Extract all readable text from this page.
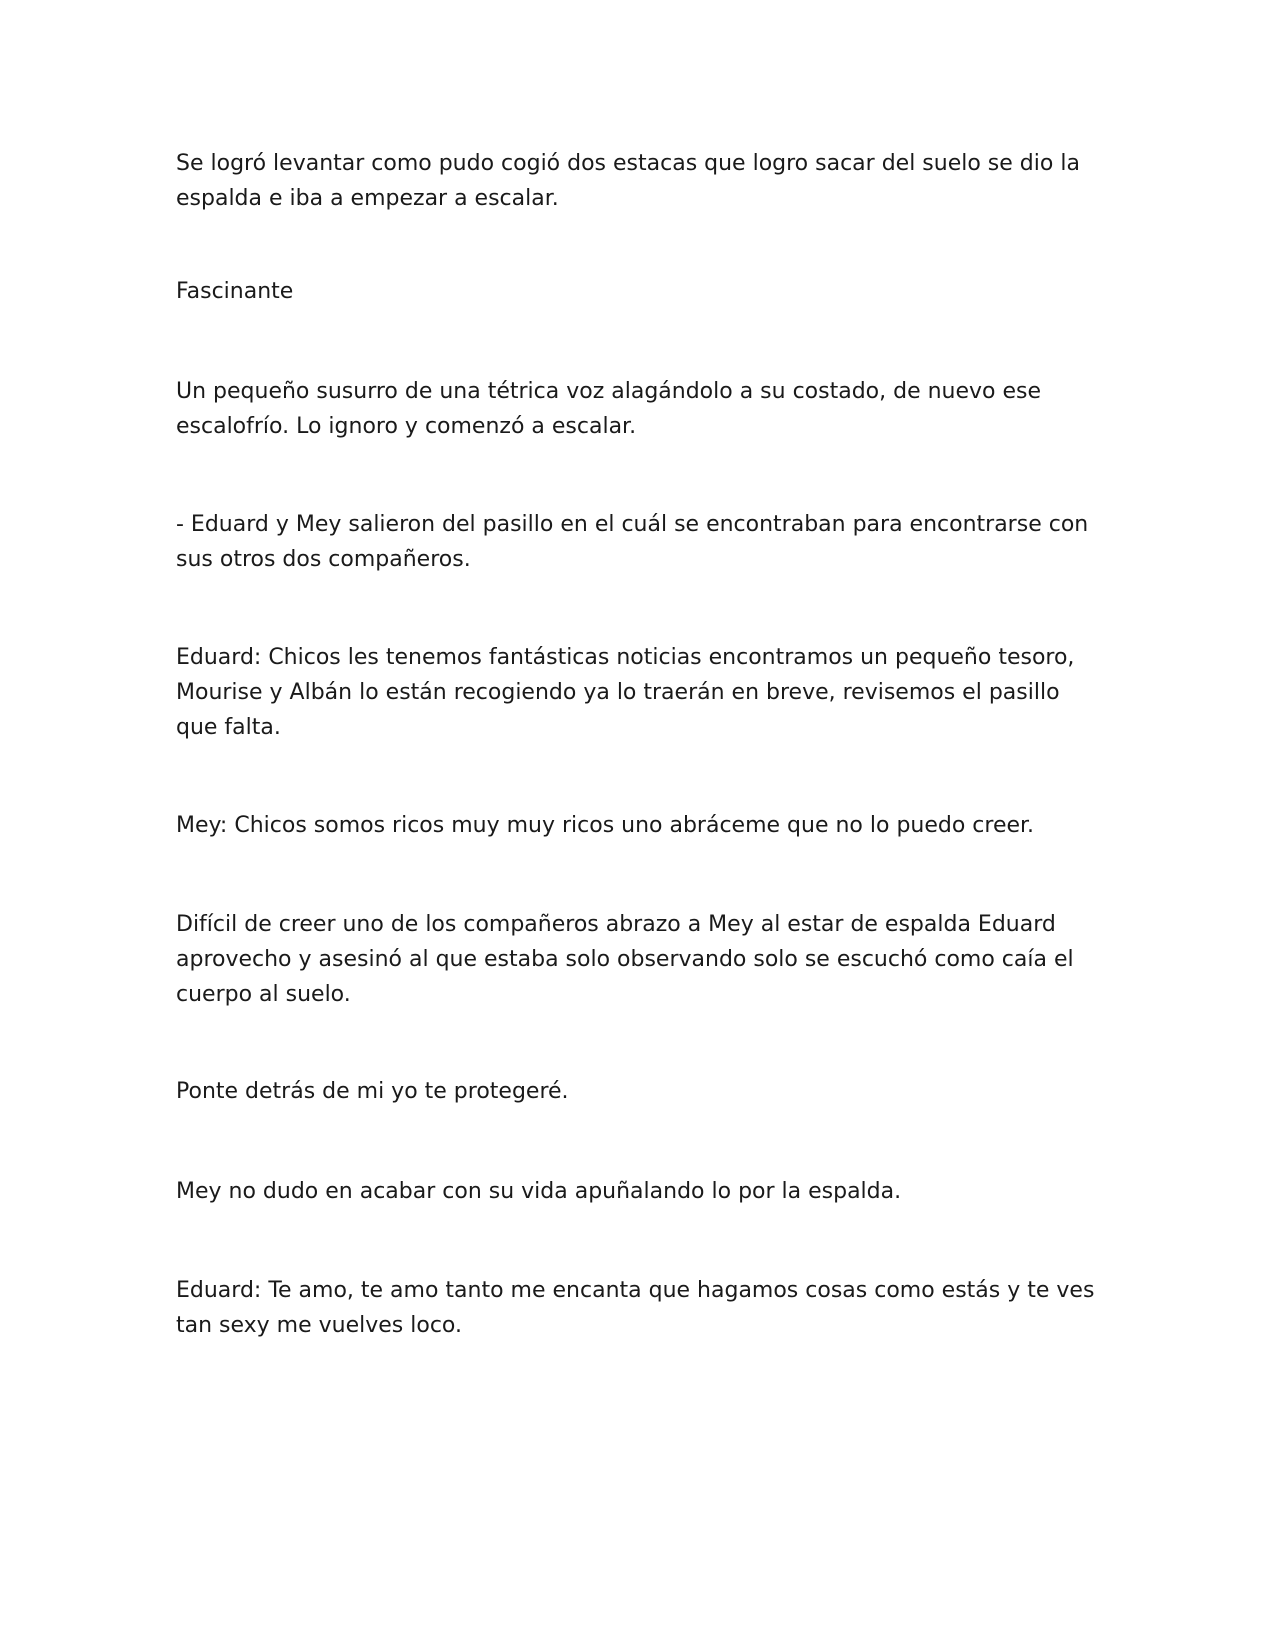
Se logró levantar como pudo cogió dos estacas que logro sacar del suelo se dio la espalda e iba a empezar a escalar.

Fascinante

Un pequeño susurro de una tétrica voz alagándolo a su costado, de nuevo ese escalofrío. Lo ignoro y comenzó a escalar.

- Eduard y Mey salieron del pasillo en el cuál se encontraban para encontrarse con sus otros dos compañeros.

Eduard: Chicos les tenemos fantásticas noticias encontramos un pequeño tesoro, Mourise y Albán lo están recogiendo ya lo traerán en breve, revisemos el pasillo que falta.

Mey: Chicos somos ricos muy muy ricos uno abráceme que no lo puedo creer.

Difícil de creer uno de los compañeros abrazo a Mey al estar de espalda Eduard aprovecho y asesinó al que estaba solo observando solo se escuchó como caía el cuerpo al suelo.

Ponte detrás de mi yo te protegeré.

Mey no dudo en acabar con su vida apuñalando lo por la espalda.

Eduard: Te amo, te amo tanto me encanta que hagamos cosas como estás y te ves tan sexy me vuelves loco.
